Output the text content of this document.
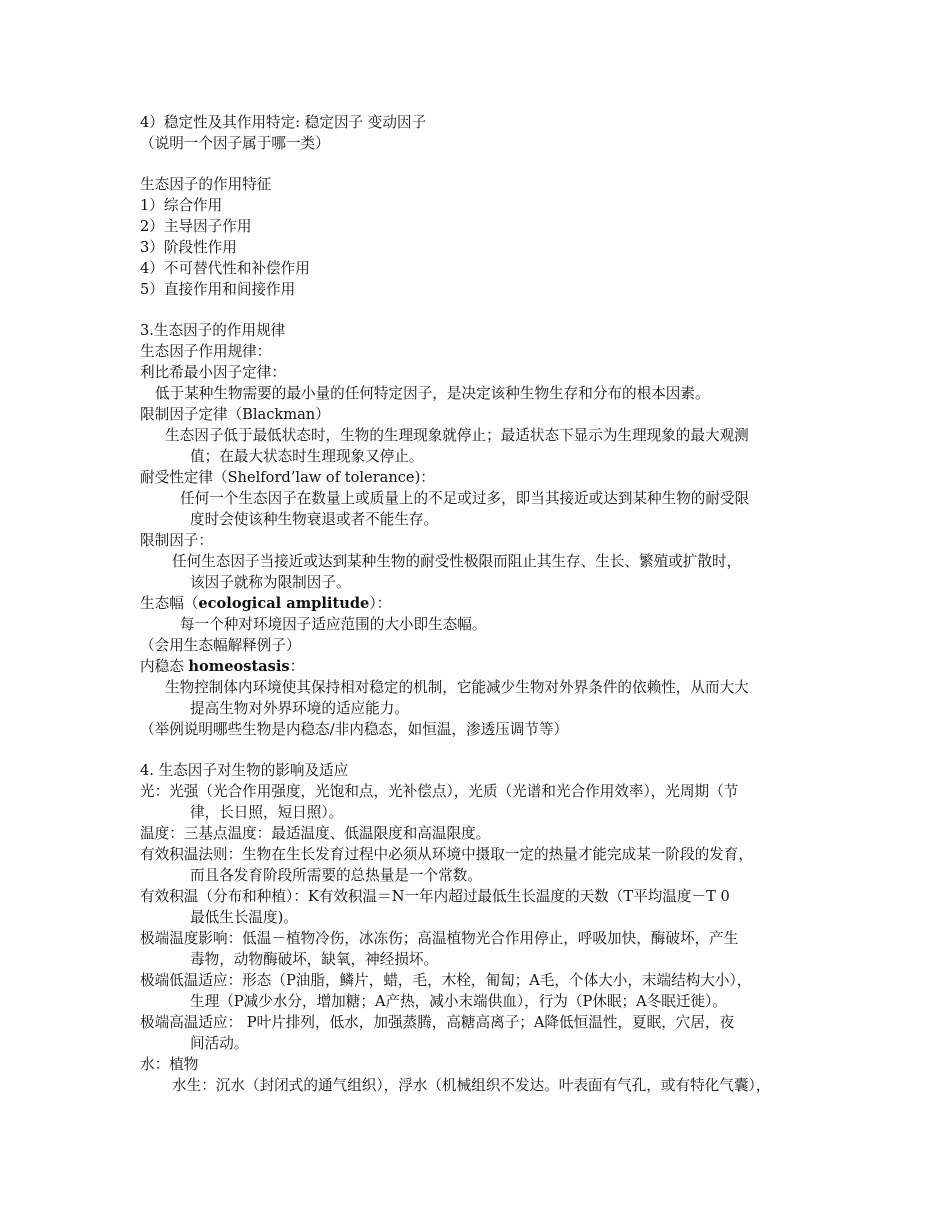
4）稳定性及其作用特定: 稳定因子 变动因子
（说明一个因子属于哪一类）
生态因子的作用特征
1）综合作用
2）主导因子作用
3）阶段性作用
4）不可替代性和补偿作用
5）直接作用和间接作用
3.生态因子的作用规律
生态因子作用规律：
利比希最小因子定律：
低于某种生物需要的最小量的任何特定因子，是决定该种生物生存和分布的根本因素。
限制因子定律（Blackman）
生态因子低于最低状态时，生物的生理现象就停止；最适状态下显示为生理现象的最大观测
值；在最大状态时生理现象又停止。
耐受性定律（Shelford’law of tolerance)：
任何一个生态因子在数量上或质量上的不足或过多，即当其接近或达到某种生物的耐受限
度时会使该种生物衰退或者不能生存。
限制因子：
任何生态因子当接近或达到某种生物的耐受性极限而阻止其生存、生长、繁殖或扩散时，
该因子就称为限制因子。
生态幅（ecological amplitude）：
每一个种对环境因子适应范围的大小即生态幅。
（会用生态幅解释例子）
内稳态 homeostasis：
生物控制体内环境使其保持相对稳定的机制，它能减少生物对外界条件的依赖性，从而大大
提高生物对外界环境的适应能力。
（举例说明哪些生物是内稳态/非内稳态，如恒温，渗透压调节等）
4. 生态因子对生物的影响及适应
光：光强（光合作用强度，光饱和点，光补偿点），光质（光谱和光合作用效率），光周期（节
律，长日照，短日照）。
温度：三基点温度：最适温度、低温限度和高温限度。
有效积温法则：生物在生长发育过程中必须从环境中摄取一定的热量才能完成某一阶段的发育，
而且各发育阶段所需要的总热量是一个常数。
有效积温（分布和种植）：K有效积温＝N一年内超过最低生长温度的天数（T平均温度－T 0
最低生长温度)。
极端温度影响：低温－植物冷伤，冰冻伤；高温植物光合作用停止，呼吸加快，酶破坏，产生
毒物，动物酶破坏，缺氧，神经损坏。
极端低温适应：形态（P油脂，鳞片，蜡，毛，木栓，匍匐；A毛，个体大小，末端结构大小），
生理（P减少水分，增加糖；A产热，减小末端供血），行为（P休眠；A冬眠迁徙）。
极端高温适应： P叶片排列，低水，加强蒸腾，高糖高离子；A降低恒温性，夏眠，穴居，夜
间活动。
水：植物
水生：沉水（封闭式的通气组织），浮水（机械组织不发达。叶表面有气孔，或有特化气囊），
